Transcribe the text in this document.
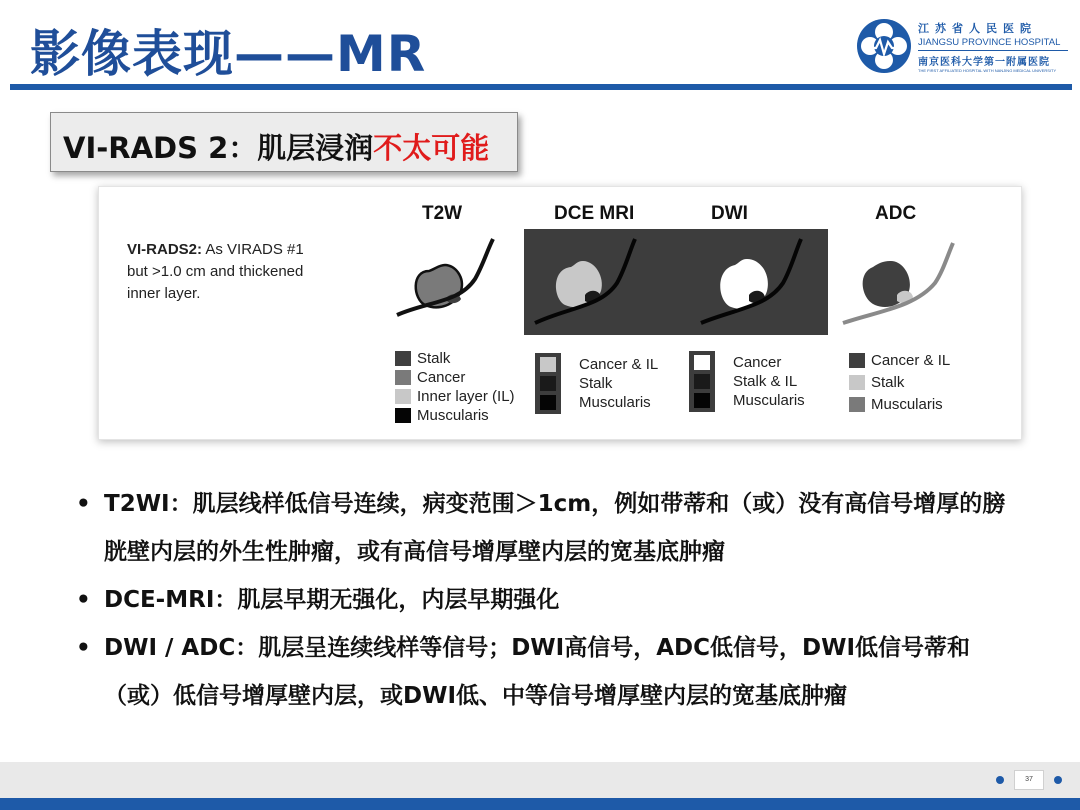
影像表现——MR	江苏省人民医院
JIANGSU PROVINCE HOSPITAL
南京医科大学第一附属医院
THE FIRST AFFILIATED HOSPITAL WITH NANJING MEDICAL UNIVERSITY
VI-RADS 2：肌层浸润不太可能
VI-RADS2: As VIRADS #1
but >1.0 cm and thickened
inner layer.
T2W	DCE MRI	DWI	ADC
Stalk
Cancer
Inner layer (IL)
Muscularis
Cancer & IL
Stalk
Muscularis
Cancer
Stalk & IL
Muscularis
Cancer & IL
Stalk
Muscularis
• T2WI：肌层线样低信号连续，病变范围＞1cm，例如带蒂和（或）没有高信号增厚的膀胱壁内层的外生性肿瘤，或有高信号增厚壁内层的宽基底肿瘤
• DCE-MRI：肌层早期无强化，内层早期强化
• DWI / ADC：肌层呈连续线样等信号；DWI高信号，ADC低信号，DWI低信号蒂和（或）低信号增厚壁内层，或DWI低、中等信号增厚壁内层的宽基底肿瘤
37
